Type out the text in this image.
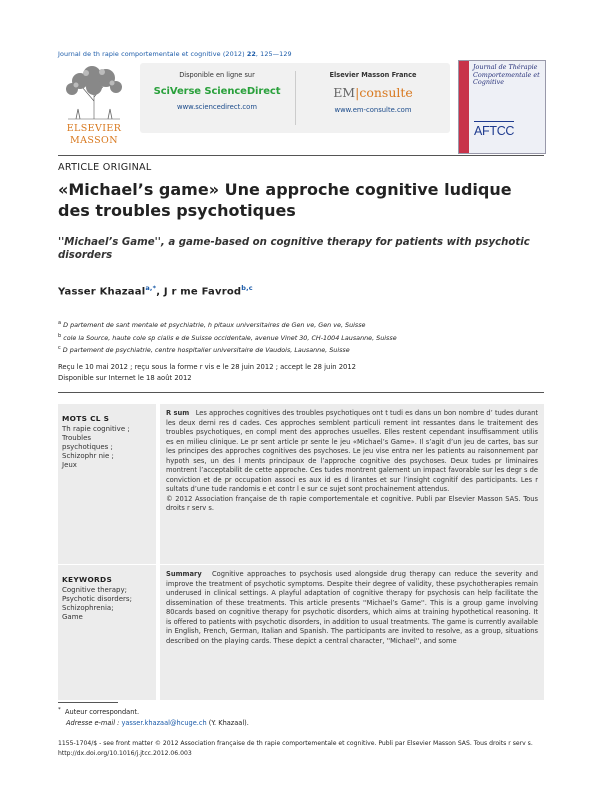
Journal de th rapie comportementale et cognitive (2012) 22, 125—129
ELSEVIER
MASSON
Disponible en ligne sur
SciVerse ScienceDirect
www.sciencedirect.com
Elsevier Masson France
EM|consulte
www.em-consulte.com
Journal de Thérapie Comportementale et Cognitive
AFTCC
ARTICLE ORIGINAL
«Michael’s game» Une approche cognitive ludique des troubles psychotiques
''Michael’s Game'', a game-based on cognitive therapy for patients with psychotic disorders
Yasser Khazaal$^{a,*}$, J r me Favrod$^{b,c}$
$^a$ D partement de sant mentale et psychiatrie, h pitaux universitaires de Gen ve, Gen ve, Suisse
$^b$ cole la Source, haute cole sp cialis e de Suisse occidentale, avenue Vinet 30, CH-1004 Lausanne, Suisse
$^c$ D partement de psychiatrie, centre hospitalier universitaire de Vaudois, Lausanne, Suisse
Reçu le 10 mai 2012 ; reçu sous la forme r vis e le 28 juin 2012 ; accept le 28 juin 2012
Disponible sur Internet le 18 août 2012
MOTS CL S
Th rapie cognitive ;
Troubles
psychotiques ;
Schizophr nie ;
Jeux

R sum Les approches cognitives des troubles psychotiques ont t tudi es dans un bon nombre d’ tudes durant les deux derni res d cades. Ces approches semblent particuli rement int ressantes dans le traitement des troubles psychotiques, en compl ment des approches usuelles. Elles restent cependant insuffisamment utilis es en milieu clinique. Le pr sent article pr sente le jeu «Michael’s Game». Il s’agit d’un jeu de cartes, bas sur les principes des approches cognitives des psychoses. Le jeu vise entra ner les patients au raisonnement par hypoth ses, un des l ments principaux de l’approche cognitive des psychoses. Deux tudes pr liminaires montrent l’acceptabilit de cette approche. Ces tudes montrent galement un impact favorable sur les degr s de conviction et de pr occupation associ es aux id es d lirantes et sur l’insight cognitif des participants. Les r sultats d’une tude randomis e et contr l e sur ce sujet sont prochainement attendus.

© 2012 Association française de th rapie comportementale et cognitive. Publi par Elsevier Masson SAS. Tous droits r serv s.

KEYWORDS
Cognitive therapy;
Psychotic disorders;
Schizophrenia;
Game

Summary Cognitive approaches to psychosis used alongside drug therapy can reduce the severity and improve the treatment of psychotic symptoms. Despite their degree of validity, these psychotherapies remain underused in clinical settings. A playful adaptation of cognitive therapy for psychosis can help facilitate the dissemination of these treatments. This article presents ''Michael’s Game''. This is a group game involving 80cards based on cognitive therapy for psychotic disorders, which aims at training hypothetical reasoning. It is offered to patients with psychotic disorders, in addition to usual treatments. The game is currently available in English, French, German, Italian and Spanish. The participants are invited to resolve, as a group, situations described on the playing cards. These depict a central character, ''Michael'', and some

* Auteur correspondant.
Adresse e-mail : yasser.khazaal@hcuge.ch (Y. Khazaal).
1155-1704/$ - see front matter © 2012 Association française de th rapie comportementale et cognitive. Publi par Elsevier Masson SAS. Tous droits r serv s.
http://dx.doi.org/10.1016/j.jtcc.2012.06.003
